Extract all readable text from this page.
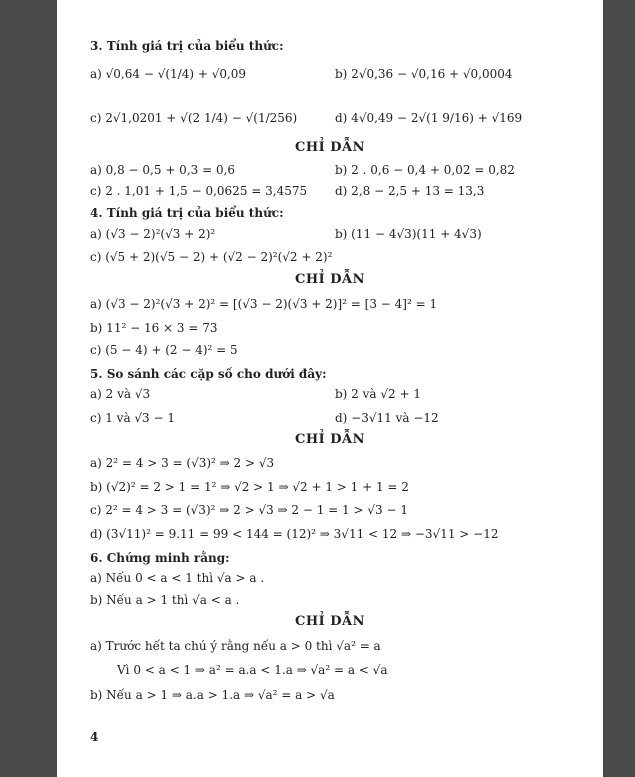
3. Tính giá trị của biểu thức:
a) √0,64 − √(1/4) + √0,09	b) 2√0,36 − √0,16 + √0,0004
c) 2√1,0201 + √(2 1/4) − √(1/256)	d) 4√0,49 − 2√(1 9/16) + √169
CHỈ DẪN
a) 0,8 − 0,5 + 0,3 = 0,6	b) 2 . 0,6 − 0,4 + 0,02 = 0,82
c) 2 . 1,01 + 1,5 − 0,0625 = 3,4575 d) 2,8 − 2,5 + 13 = 13,3
4. Tính giá trị của biểu thức:
a) (√3 − 2)²(√3 + 2)²	b) (11 − 4√3)(11 + 4√3)
c) (√5 + 2)(√5 − 2) + (√2 − 2)²(√2 + 2)²
CHỈ DẪN
a) (√3 − 2)²(√3 + 2)² = [(√3 − 2)(√3 + 2)]² = [3 − 4]² = 1
b) 11² − 16 × 3 = 73
c) (5 − 4) + (2 − 4)² = 5
5. So sánh các cặp số cho dưới đây:
a) 2 và √3	b) 2 và √2 + 1
c) 1 và √3 − 1	d) −3√11 và −12
CHỈ DẪN
a) 2² = 4 > 3 = (√3)² ⇒ 2 > √3
b) (√2)² = 2 > 1 = 1² ⇒ √2 > 1 ⇒ √2 + 1 > 1 + 1 = 2
c) 2² = 4 > 3 = (√3)² ⇒ 2 > √3 ⇒ 2 − 1 = 1 > √3 − 1
d) (3√11)² = 9.11 = 99 < 144 = (12)² ⇒ 3√11 < 12 ⇒ −3√11 > −12
6. Chứng minh rằng:
a) Nếu 0 < a < 1 thì √a > a .
b) Nếu a > 1 thì √a < a .
CHỈ DẪN
a) Trước hết ta chú ý rằng nếu a > 0 thì √a² = a
Vì 0 < a < 1 ⇒ a² = a.a < 1.a ⇒ √a² = a < √a
b) Nếu a > 1 ⇒ a.a > 1.a ⇒ √a² = a > √a
4
